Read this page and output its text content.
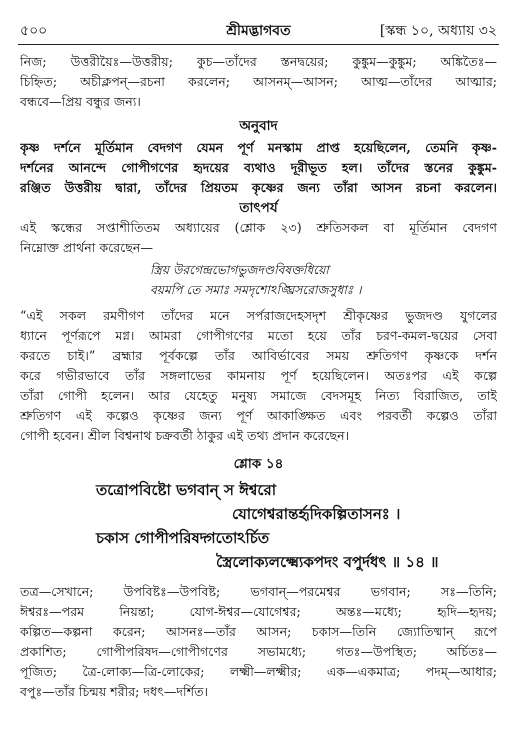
৫০০	শ্রীমদ্ভাগবত	[স্কন্ধ ১০, অধ্যায় ৩২
নিজ; উত্তরীয়ৈঃ—উত্তরীয়; কুচ—তাঁদের স্তনদ্বয়ের; কুঙ্কুম—কুঙ্কুম; অঙ্কিতৈঃ—
চিহ্নিত; অচীক্লপন্—রচনা করলেন; আসনম্—আসন; আত্ম—তাঁদের আত্মার;
বন্ধবে—প্রিয় বন্ধুর জন্য।
অনুবাদ
কৃষ্ণ দর্শনে মূর্তিমান বেদগণ যেমন পূর্ণ মনস্কাম প্রাপ্ত হয়েছিলেন, তেমনি কৃষ্ণ-
দর্শনের আনন্দে গোপীগণের হৃদয়ের ব্যথাও দূরীভূত হল। তাঁদের স্তনের কুঙ্কুম-
রঞ্জিত উত্তরীয় দ্বারা, তাঁদের প্রিয়তম কৃষ্ণের জন্য তাঁরা আসন রচনা করলেন।
তাৎপর্য
এই স্কন্ধের সপ্তাশীতিতম অধ্যায়ের (শ্লোক ২৩) শ্রুতিসকল বা মূর্তিমান বেদগণ
নিম্নোক্ত প্রার্থনা করেছেন—
স্ত্রিয় উরগেন্দ্রভোগভুজদণ্ডবিষক্তধিয়ো
বয়মপি তে সমাঃ সমদৃশোঽঙ্ঘ্রিসরোজসুধাঃ ।
“এই সকল রমণীগণ তাঁদের মনে সর্পরাজদেহসদৃশ শ্রীকৃষ্ণের ভুজদণ্ড যুগলের
ধ্যানে পূর্ণরূপে মগ্ন। আমরা গোপীগণের মতো হয়ে তাঁর চরণ-কমল-দ্বয়ের সেবা
করতে চাই।” ব্রহ্মার পূর্বকল্পে তাঁর আবির্ভাবের সময় শ্রুতিগণ কৃষ্ণকে দর্শন
করে গভীরভাবে তাঁর সঙ্গলাভের কামনায় পূর্ণ হয়েছিলেন। অতঃপর এই কল্পে
তাঁরা গোপী হলেন। আর যেহেতু মনুষ্য সমাজে বেদসমূহ নিত্য বিরাজিত, তাই
শ্রুতিগণ এই কল্পেও কৃষ্ণের জন্য পূর্ণ আকাঙ্ক্ষিত এবং পরবর্তী কল্পেও তাঁরা
গোপী হবেন। শ্রীল বিশ্বনাথ চক্রবর্তী ঠাকুর এই তথ্য প্রদান করেছেন।
শ্লোক ১৪
তত্রোপবিষ্টো ভগবান্ স ঈশ্বরো
যোগেশ্বরান্তর্হৃদিকল্পিতাসনঃ ।
চকাস গোপীপরিষদ্গতোঽর্চিত
স্ত্রৈলোক্যলক্ষ্ম্যেকপদং বপুর্দধৎ ॥ ১৪ ॥
তত্র—সেখানে; উপবিষ্টঃ—উপবিষ্ট; ভগবান্—পরমেশ্বর ভগবান; সঃ—তিনি;
ঈশ্বরঃ—পরম নিয়ন্তা; যোগ-ঈশ্বর—যোগেশ্বর; অন্তঃ—মধ্যে; হৃদি—হৃদয়;
কল্পিত—কল্পনা করেন; আসনঃ—তাঁর আসন; চকাস—তিনি জ্যোতিষ্মান্ রূপে
প্রকাশিত; গোপীপরিষদ—গোপীগণের সভামধ্যে; গতঃ—উপস্থিত; অর্চিতঃ—
পূজিত; ত্রৈ-লোক্য—ত্রি-লোকের; লক্ষ্মী—লক্ষ্মীর; এক—একমাত্র; পদম্—আধার;
বপুঃ—তাঁর চিন্ময় শরীর; দধৎ—দর্শিত।
